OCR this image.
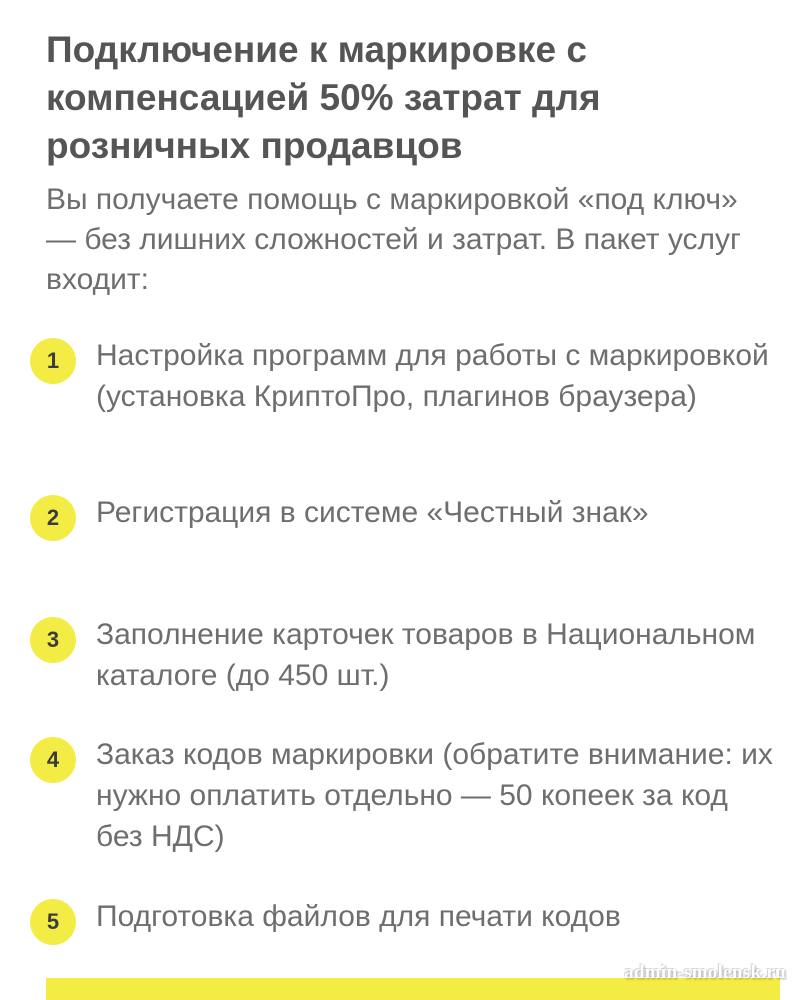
Подключение к маркировке с компенсацией 50% затрат для розничных продавцов

Вы получаете помощь с маркировкой «под ключ» — без лишних сложностей и затрат. В пакет услуг входит:

1	Настройка программ для работы с маркировкой (установка КриптоПро, плагинов браузера)

2	Регистрация в системе «Честный знак»

3	Заполнение карточек товаров в Национальном каталоге (до 450 шт.)

4	Заказ кодов маркировки (обратите внимание: их нужно оплатить отдельно — 50 копеек за код без НДС)

5	Подготовка файлов для печати кодов

admin-smolensk.ru
